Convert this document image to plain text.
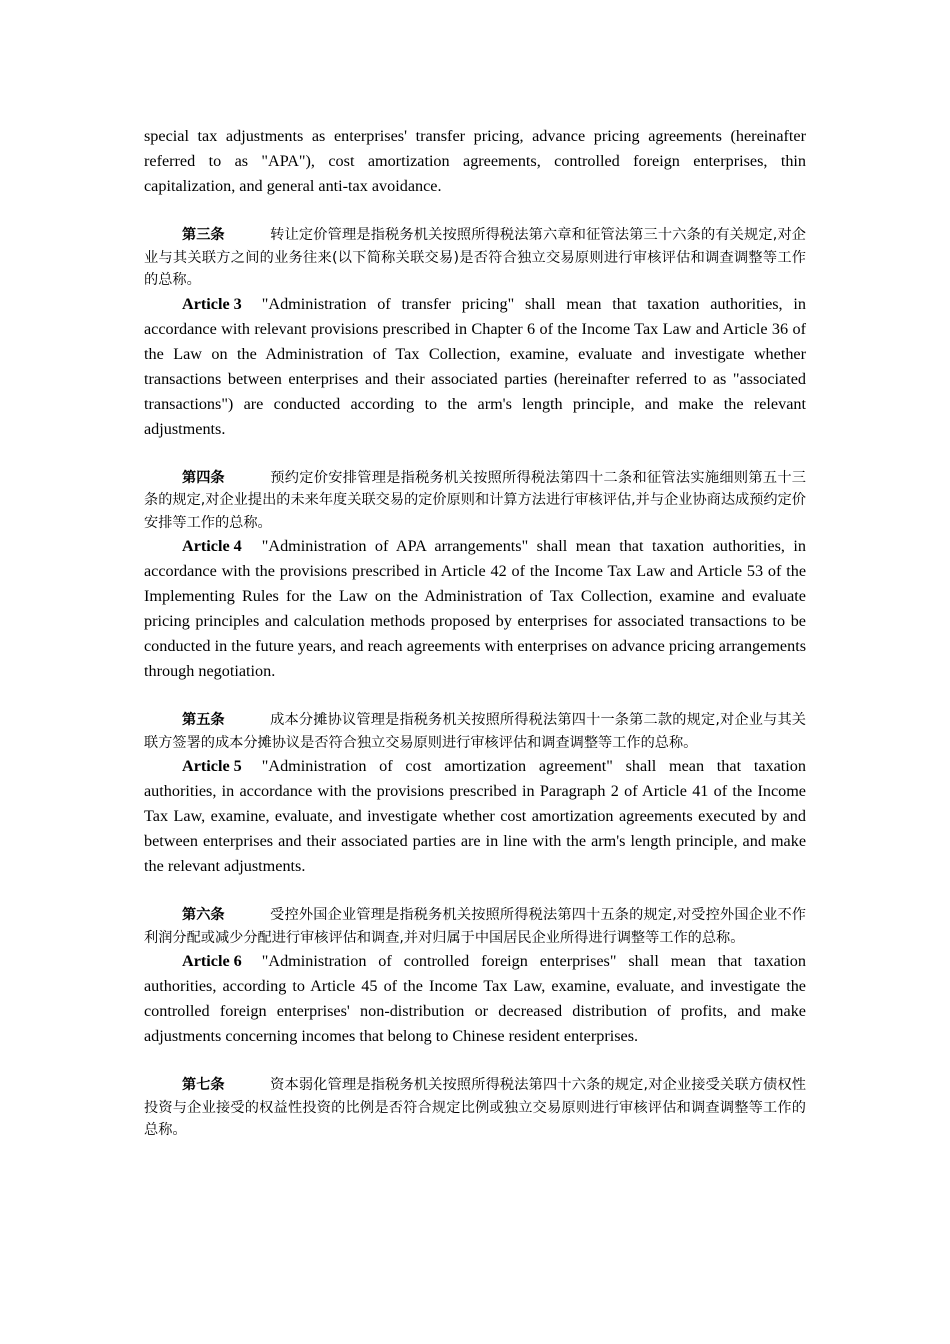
special tax adjustments as enterprises' transfer pricing, advance pricing agreements (hereinafter referred to as "APA"), cost amortization agreements, controlled foreign enterprises, thin capitalization, and general anti-tax avoidance.

第三条	转让定价管理是指税务机关按照所得税法第六章和征管法第三十六条的有关规定,对企业与其关联方之间的业务往来(以下简称关联交易)是否符合独立交易原则进行审核评估和调查调整等工作的总称。

Article 3 "Administration of transfer pricing" shall mean that taxation authorities, in accordance with relevant provisions prescribed in Chapter 6 of the Income Tax Law and Article 36 of the Law on the Administration of Tax Collection, examine, evaluate and investigate whether transactions between enterprises and their associated parties (hereinafter referred to as "associated transactions") are conducted according to the arm's length principle, and make the relevant adjustments.

第四条	预约定价安排管理是指税务机关按照所得税法第四十二条和征管法实施细则第五十三条的规定,对企业提出的未来年度关联交易的定价原则和计算方法进行审核评估,并与企业协商达成预约定价安排等工作的总称。

Article 4 "Administration of APA arrangements" shall mean that taxation authorities, in accordance with the provisions prescribed in Article 42 of the Income Tax Law and Article 53 of the Implementing Rules for the Law on the Administration of Tax Collection, examine and evaluate pricing principles and calculation methods proposed by enterprises for associated transactions to be conducted in the future years, and reach agreements with enterprises on advance pricing arrangements through negotiation.

第五条	成本分摊协议管理是指税务机关按照所得税法第四十一条第二款的规定,对企业与其关联方签署的成本分摊协议是否符合独立交易原则进行审核评估和调查调整等工作的总称。

Article 5 "Administration of cost amortization agreement" shall mean that taxation authorities, in accordance with the provisions prescribed in Paragraph 2 of Article 41 of the Income Tax Law, examine, evaluate, and investigate whether cost amortization agreements executed by and between enterprises and their associated parties are in line with the arm's length principle, and make the relevant adjustments.

第六条	受控外国企业管理是指税务机关按照所得税法第四十五条的规定,对受控外国企业不作利润分配或减少分配进行审核评估和调查,并对归属于中国居民企业所得进行调整等工作的总称。

Article 6 "Administration of controlled foreign enterprises" shall mean that taxation authorities, according to Article 45 of the Income Tax Law, examine, evaluate, and investigate the controlled foreign enterprises' non-distribution or decreased distribution of profits, and make adjustments concerning incomes that belong to Chinese resident enterprises.

第七条	资本弱化管理是指税务机关按照所得税法第四十六条的规定,对企业接受关联方债权性投资与企业接受的权益性投资的比例是否符合规定比例或独立交易原则进行审核评估和调查调整等工作的总称。
